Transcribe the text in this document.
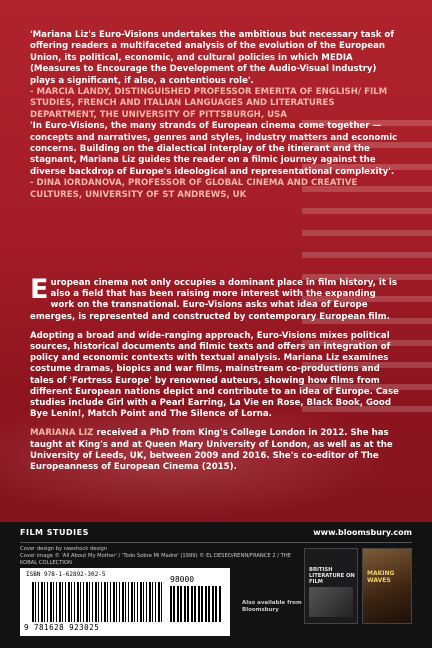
'Mariana Liz's Euro-Visions undertakes the ambitious but necessary task of offering readers a multifaceted analysis of the evolution of the European Union, its political, economic, and cultural policies in which MEDIA (Measures to Encourage the Development of the Audio-Visual Industry) plays a significant, if also, a contentious role'.

- MARCIA LANDY, DISTINGUISHED PROFESSOR EMERITA OF ENGLISH/ FILM STUDIES, FRENCH AND ITALIAN LANGUAGES AND LITERATURES DEPARTMENT, THE UNIVERSITY OF PITTSBURGH, USA

'In Euro-Visions, the many strands of European cinema come together — concepts and narratives, genres and styles, industry matters and economic concerns. Building on the dialectical interplay of the itinerant and the stagnant, Mariana Liz guides the reader on a filmic journey against the diverse backdrop of Europe's ideological and representational complexity'.

- DINA IORDANOVA, PROFESSOR OF GLOBAL CINEMA AND CREATIVE CULTURES, UNIVERSITY OF ST ANDREWS, UK

European cinema not only occupies a dominant place in film history, it is also a field that has been raising more interest with the expanding work on the transnational. Euro-Visions asks what idea of Europe emerges, is represented and constructed by contemporary European film.

Adopting a broad and wide-ranging approach, Euro-Visions mixes political sources, historical documents and filmic texts and offers an integration of policy and economic contexts with textual analysis. Mariana Liz examines costume dramas, biopics and war films, mainstream co-productions and tales of 'Fortress Europe' by renowned auteurs, showing how films from different European nations depict and contribute to an idea of Europe. Case studies include Girl with a Pearl Earring, La Vie en Rose, Black Book, Good Bye Lenin!, Match Point and The Silence of Lorna.

MARIANA LIZ received a PhD from King's College London in 2012. She has taught at King's and at Queen Mary University of London, as well as at the University of Leeds, UK, between 2009 and 2016. She's co-editor of The Europeanness of European Cinema (2015).

FILM STUDIES	www.bloomsbury.com
Cover design by rawshock design
Cover image © 'All About My Mother' / 'Todo Sobre Mi Madre' (1999) © EL DESEO/RENN/FRANCE 2 / THE KOBAL COLLECTION
ISBN 978-1-62892-302-5
98000
9 781628 923025
Also available from Bloomsbury
BRITISH LITERATURE ON FILM
MAKING WAVES
